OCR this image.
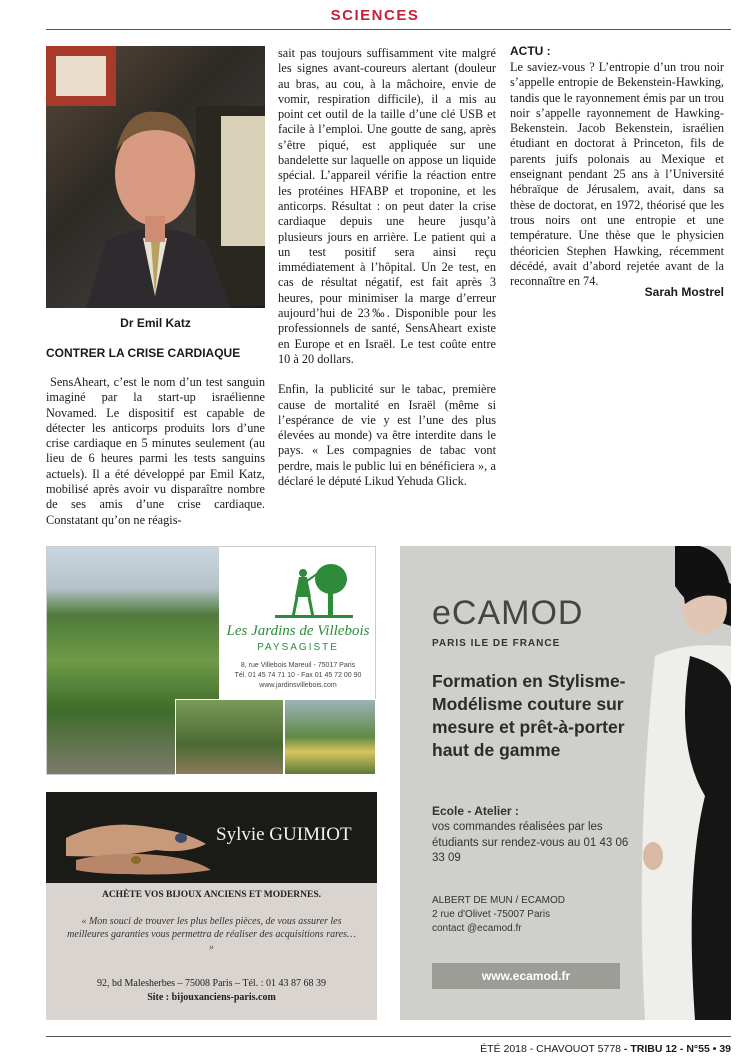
SCIENCES
Dr Emil Katz
CONTRER LA CRISE CARDIAQUE

SensAheart, c’est le nom d’un test sanguin imaginé par la start-up israélienne Novamed. Le dispositif est capable de détecter les anticorps produits lors d’une crise cardiaque en 5 minutes seulement (au lieu de 6 heures parmi les tests sanguins actuels). Il a été développé par Emil Katz, mobilisé après avoir vu disparaître nombre de ses amis d’une crise cardiaque. Constatant qu’on ne réagis-

sait pas toujours suffisamment vite malgré les signes avant-coureurs alertant (douleur au bras, au cou, à la mâchoire, envie de vomir, respiration difficile), il a mis au point cet outil de la taille d’une clé USB et facile à l’emploi. Une goutte de sang, après s’être piqué, est appliquée sur une bandelette sur laquelle on appose un liquide spécial. L’appareil vérifie la réaction entre les protéines HFABP et troponine, et les anticorps. Résultat : on peut dater la crise cardiaque depuis une heure jusqu’à plusieurs jours en arrière. Le patient qui a un test positif sera ainsi reçu immédiatement à l’hôpital. Un 2e test, en cas de résultat négatif, est fait après 3 heures, pour minimiser la marge d’erreur aujourd’hui de 23‰. Disponible pour les professionnels de santé, SensAheart existe en Europe et en Israël. Le test coûte entre 10 à 20 dollars.

Enfin, la publicité sur le tabac, première cause de mortalité en Israël (même si l’espérance de vie y est l’une des plus élevées au monde) va être interdite dans le pays. « Les compagnies de tabac vont perdre, mais le public lui en bénéficiera », a déclaré le député Likud Yehuda Glick.

ACTU :

Le saviez-vous ? L’entropie d’un trou noir s’appelle entropie de Bekenstein-Hawking, tandis que le rayonnement émis par un trou noir s’appelle rayonnement de Hawking-Bekenstein. Jacob Bekenstein, israélien étudiant en doctorat à Princeton, fils de parents juifs polonais au Mexique et enseignant pendant 25 ans à l’Université hébraïque de Jérusalem, avait, dans sa thèse de doctorat, en 1972, théorisé que les trous noirs ont une entropie et une température. Une thèse que le physicien théoricien Stephen Hawking, récemment décédé, avait d’abord rejetée avant de la reconnaître en 74.

Sarah Mostrel
Les Jardins de Villebois
PAYSAGISTE
8, rue Villebois Mareuil - 75017 Paris
Tél. 01 45 74 71 10 - Fax 01 45 72 00 90
www.jardinsvillebois.com
Sylvie GUIMIOT
ACHÈTE VOS BIJOUX ANCIENS ET MODERNES.
« Mon souci de trouver les plus belles pièces, de vous assurer les meilleures garanties vous permettra de réaliser des acquisitions rares… »
92, bd Malesherbes – 75008 Paris – Tél. : 01 43 87 68 39
Site : bijouxanciens-paris.com
eCAMOD
PARIS ILE DE FRANCE
Formation en Stylisme-Modélisme couture sur mesure et prêt-à-porter haut de gamme
Ecole - Atelier :
vos commandes réalisées par les étudiants sur rendez-vous au 01 43 06 33 09
ALBERT DE MUN / ECAMOD
2 rue d'Olivet -75007 Paris
contact @ecamod.fr
www.ecamod.fr
ÉTÉ 2018 - CHAVOUOT 5778 - TRIBU 12 - N°55 • 39
